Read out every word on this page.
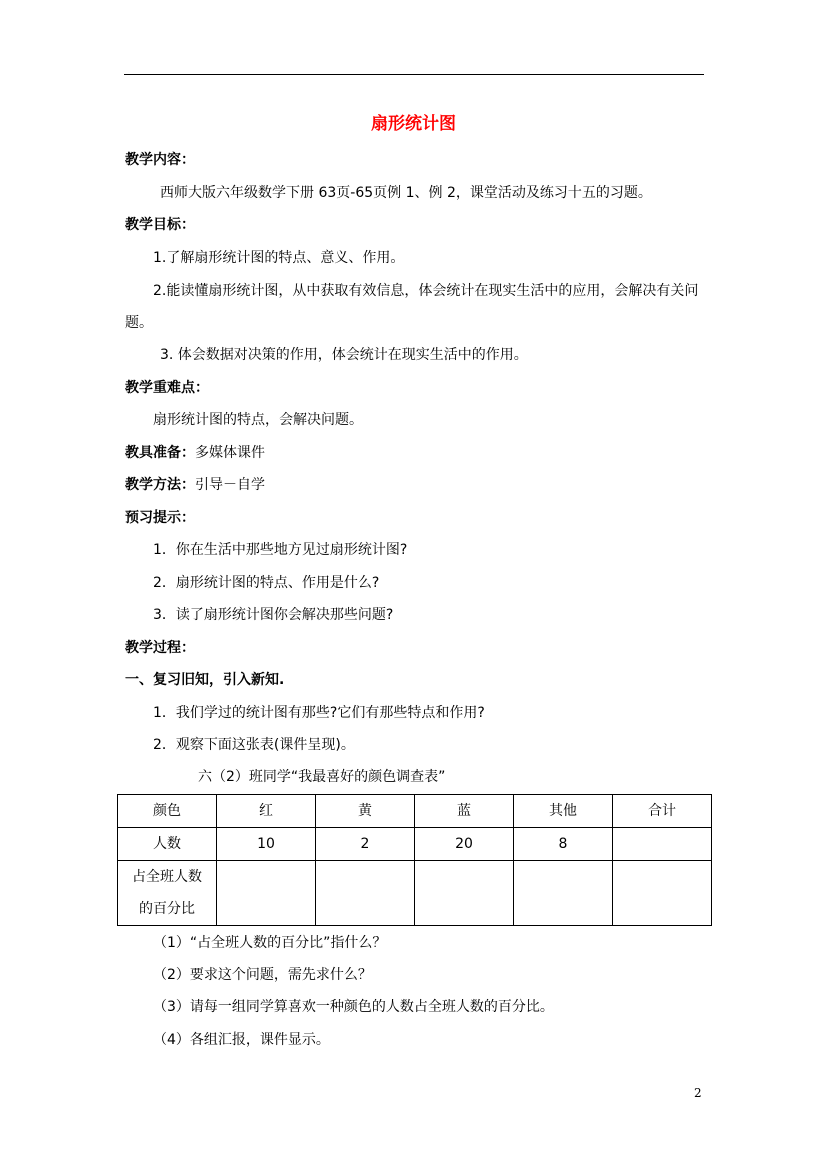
扇形统计图
教学内容：
西师大版六年级数学下册 63页-65页例 1、例 2，课堂活动及练习十五的习题。
教学目标：
1.了解扇形统计图的特点、意义、作用。
2.能读懂扇形统计图，从中获取有效信息，体会统计在现实生活中的应用，会解决有关问
题。
3. 体会数据对决策的作用，体会统计在现实生活中的作用。
教学重难点：
扇形统计图的特点，会解决问题。
教具准备：多媒体课件
教学方法：引导－自学
预习提示：
1．你在生活中那些地方见过扇形统计图?
2．扇形统计图的特点、作用是什么?
3．读了扇形统计图你会解决那些问题?
教学过程：
一、复习旧知，引入新知.
1．我们学过的统计图有那些?它们有那些特点和作用?
2．观察下面这张表(课件呈现)。
六（2）班同学“我最喜好的颜色调查表”
颜色	红	黄	蓝	其他	合计
人数	10	2	20	8	

占全班人数
的百分比					

（1）“占全班人数的百分比”指什么？
（2）要求这个问题，需先求什么？
（3）请每一组同学算喜欢一种颜色的人数占全班人数的百分比。
（4）各组汇报，课件显示。
2
